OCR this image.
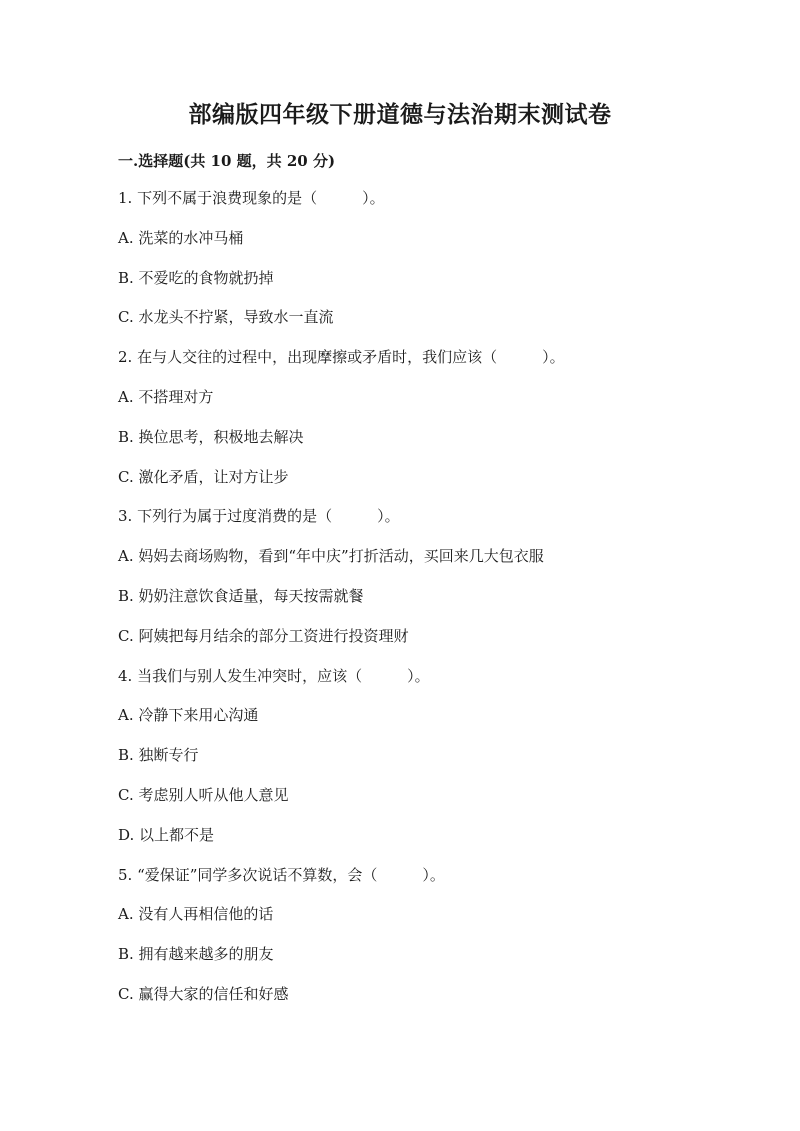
部编版四年级下册道德与法治期末测试卷
一.选择题(共 10 题，共 20 分)
1. 下列不属于浪费现象的是（　　　）。
A. 洗菜的水冲马桶
B. 不爱吃的食物就扔掉
C. 水龙头不拧紧，导致水一直流
2. 在与人交往的过程中，出现摩擦或矛盾时，我们应该（　　　）。
A. 不搭理对方
B. 换位思考，积极地去解决
C. 激化矛盾，让对方让步
3. 下列行为属于过度消费的是（　　　）。
A. 妈妈去商场购物，看到“年中庆”打折活动，买回来几大包衣服
B. 奶奶注意饮食适量，每天按需就餐
C. 阿姨把每月结余的部分工资进行投资理财
4. 当我们与别人发生冲突时，应该（　　　）。
A. 冷静下来用心沟通
B. 独断专行
C. 考虑别人听从他人意见
D. 以上都不是
5. “爱保证”同学多次说话不算数，会（　　　）。
A. 没有人再相信他的话
B. 拥有越来越多的朋友
C. 赢得大家的信任和好感
